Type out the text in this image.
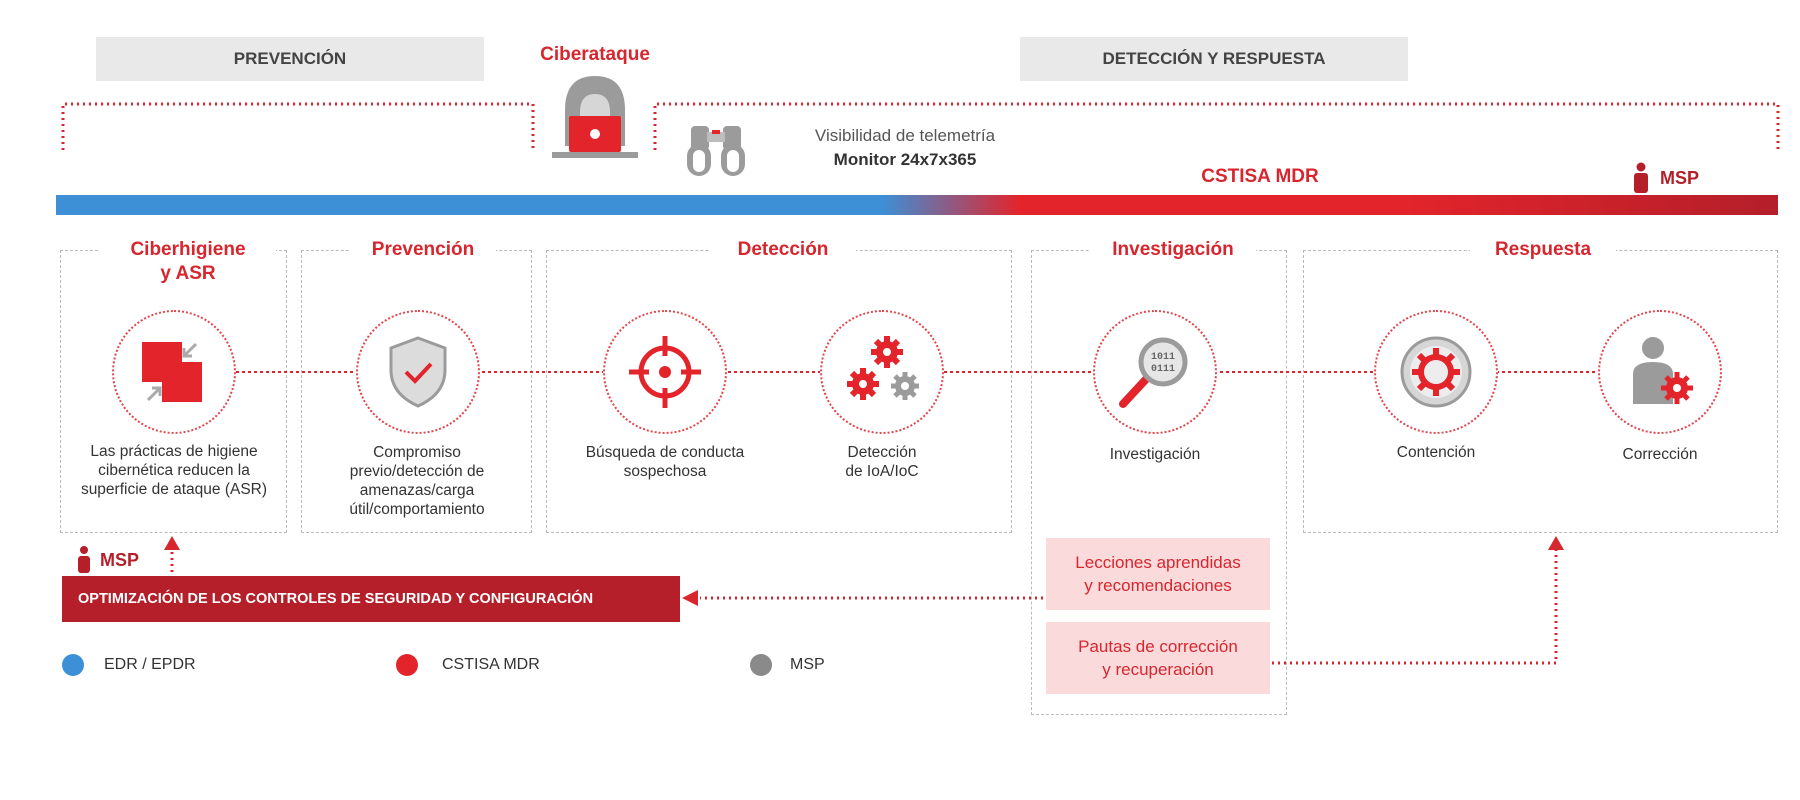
PREVENCIÓN	DETECCIÓN Y RESPUESTA
Ciberataque
Visibilidad de telemetría
Monitor 24x7x365
CSTISA MDR	MSP
Ciberhigiene
y ASR
Prevención	Detección	Investigación	Respuesta
1011
0111
Las prácticas de higiene
cibernética reducen la
superficie de ataque (ASR)
Compromiso
previo/detección de
amenazas/carga
útil/comportamiento
Búsqueda de conducta
sospechosa
Detección
de IoA/IoC
Investigación	Contención	Corrección
Lecciones aprendidas
y recomendaciones
Pautas de corrección
y recuperación
MSP
OPTIMIZACIÓN DE LOS CONTROLES DE SEGURIDAD Y CONFIGURACIÓN
EDR / EPDR	CSTISA MDR	MSP
